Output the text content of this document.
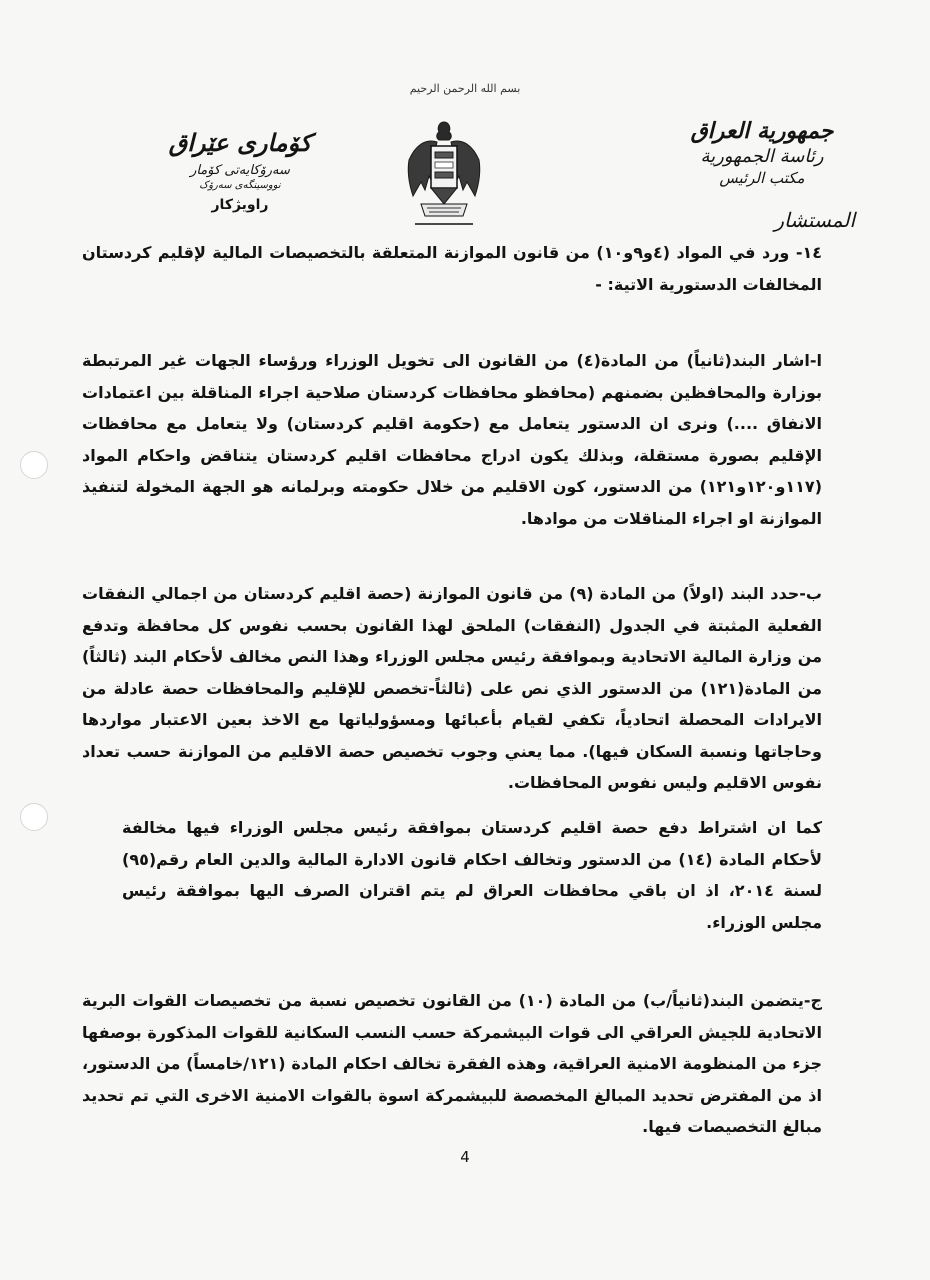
بسم الله الرحمن الرحيم
كۆماری عێراق
سەرۆکایەتی کۆمار
نووسینگەی سەرۆک
راویژكار
جمهورية العراق
رئاسة الجمهورية
مكتب الرئيس
المستشار
١٤- ورد في المواد (٤و٩و١٠) من قانون الموازنة المتعلقة بالتخصيصات المالية لإقليم كردستان المخالفات الدستورية الاتية: -
ا-اشار البند(ثانياً) من المادة(٤) من القانون الى تخويل الوزراء ورؤساء الجهات غير المرتبطة بوزارة والمحافظين بضمنهم (محافظو محافظات كردستان صلاحية اجراء المناقلة بين اعتمادات الانفاق ....) ونرى ان الدستور يتعامل مع (حكومة اقليم كردستان) ولا يتعامل مع محافظات الإقليم بصورة مستقلة، وبذلك يكون ادراج محافظات اقليم كردستان يتناقض واحكام المواد (١١٧و١٢٠و١٢١) من الدستور، كون الاقليم من خلال حكومته وبرلمانه هو الجهة المخولة لتنفيذ الموازنة او اجراء المناقلات من موادها.
ب-حدد البند (اولاً) من المادة (٩) من قانون الموازنة (حصة اقليم كردستان من اجمالي النفقات الفعلية المثبتة في الجدول (النفقات) الملحق لهذا القانون بحسب نفوس كل محافظة وتدفع من وزارة المالية الاتحادية وبموافقة رئيس مجلس الوزراء وهذا النص مخالف لأحكام البند (ثالثاً) من المادة(١٢١) من الدستور الذي نص على (ثالثاً-تخصص للإقليم والمحافظات حصة عادلة من الايرادات المحصلة اتحادياً، تكفي لقيام بأعبائها ومسؤولياتها مع الاخذ بعين الاعتبار مواردها وحاجاتها ونسبة السكان فيها). مما يعني وجوب تخصيص حصة الاقليم من الموازنة حسب تعداد نفوس الاقليم وليس نفوس المحافظات.
كما ان اشتراط دفع حصة اقليم كردستان بموافقة رئيس مجلس الوزراء فيها مخالفة لأحكام المادة (١٤) من الدستور وتخالف احكام قانون الادارة المالية والدين العام رقم(٩٥) لسنة ٢٠١٤، اذ ان باقي محافظات العراق لم يتم اقتران الصرف اليها بموافقة رئيس مجلس الوزراء.
ج-يتضمن البند(ثانياً/ب) من المادة (١٠) من القانون تخصيص نسبة من تخصيصات القوات البرية الاتحادية للجيش العراقي الى قوات البيشمركة حسب النسب السكانية للقوات المذكورة بوصفها جزء من المنظومة الامنية العراقية، وهذه الفقرة تخالف احكام المادة (١٢١/خامساً) من الدستور، اذ من المفترض تحديد المبالغ المخصصة للبيشمركة اسوة بالقوات الامنية الاخرى التي تم تحديد مبالغ التخصيصات فيها.
4
